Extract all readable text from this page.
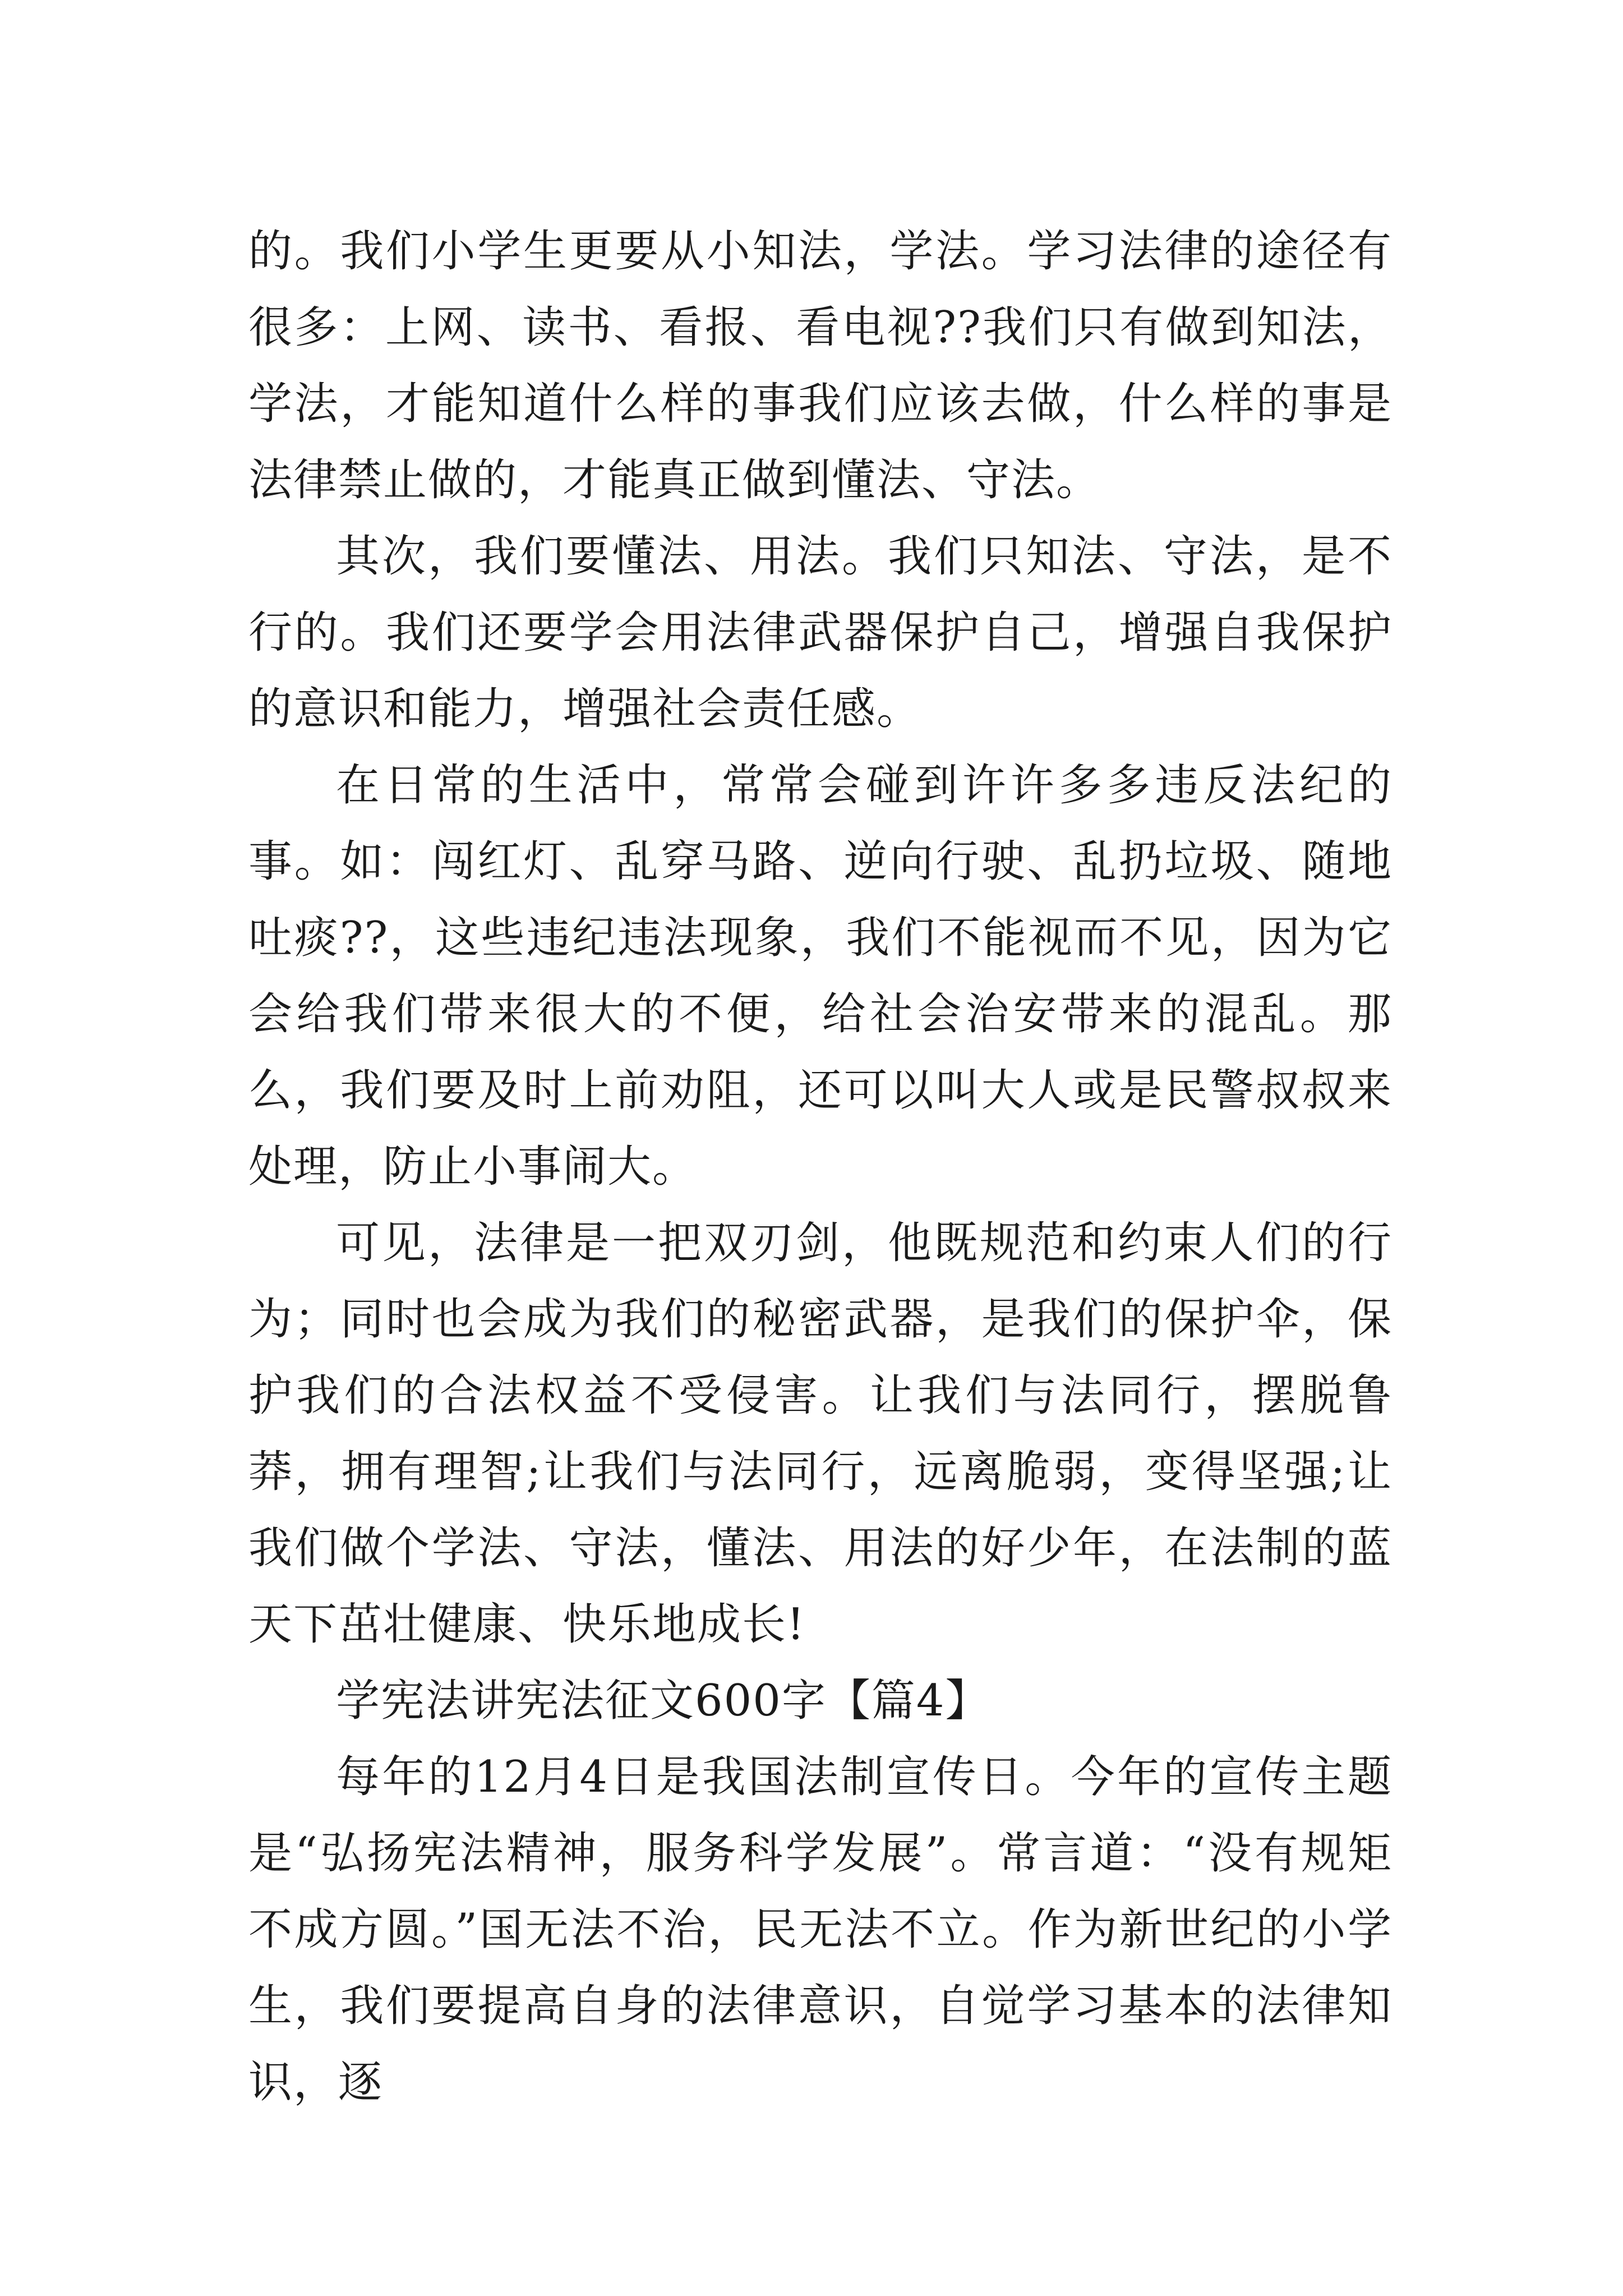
的。我们小学生更要从小知法，学法。学习法律的途径有很多：上网、读书、看报、看电视??我们只有做到知法，学法，才能知道什么样的事我们应该去做，什么样的事是法律禁止做的，才能真正做到懂法、守法。

其次，我们要懂法、用法。我们只知法、守法，是不行的。我们还要学会用法律武器保护自己，增强自我保护的意识和能力，增强社会责任感。

在日常的生活中，常常会碰到许许多多违反法纪的事。如：闯红灯、乱穿马路、逆向行驶、乱扔垃圾、随地吐痰??，这些违纪违法现象，我们不能视而不见，因为它会给我们带来很大的不便，给社会治安带来的混乱。那么，我们要及时上前劝阻，还可以叫大人或是民警叔叔来处理，防止小事闹大。

可见，法律是一把双刃剑，他既规范和约束人们的行为；同时也会成为我们的秘密武器，是我们的保护伞，保护我们的合法权益不受侵害。让我们与法同行，摆脱鲁莽，拥有理智;让我们与法同行，远离脆弱，变得坚强;让我们做个学法、守法，懂法、用法的好少年，在法制的蓝天下茁壮健康、快乐地成长!

学宪法讲宪法征文600字【篇4】

每年的12月4日是我国法制宣传日。今年的宣传主题是“弘扬宪法精神，服务科学发展”。常言道：“没有规矩不成方圆。”国无法不治，民无法不立。作为新世纪的小学生，我们要提高自身的法律意识，自觉学习基本的法律知识，逐
